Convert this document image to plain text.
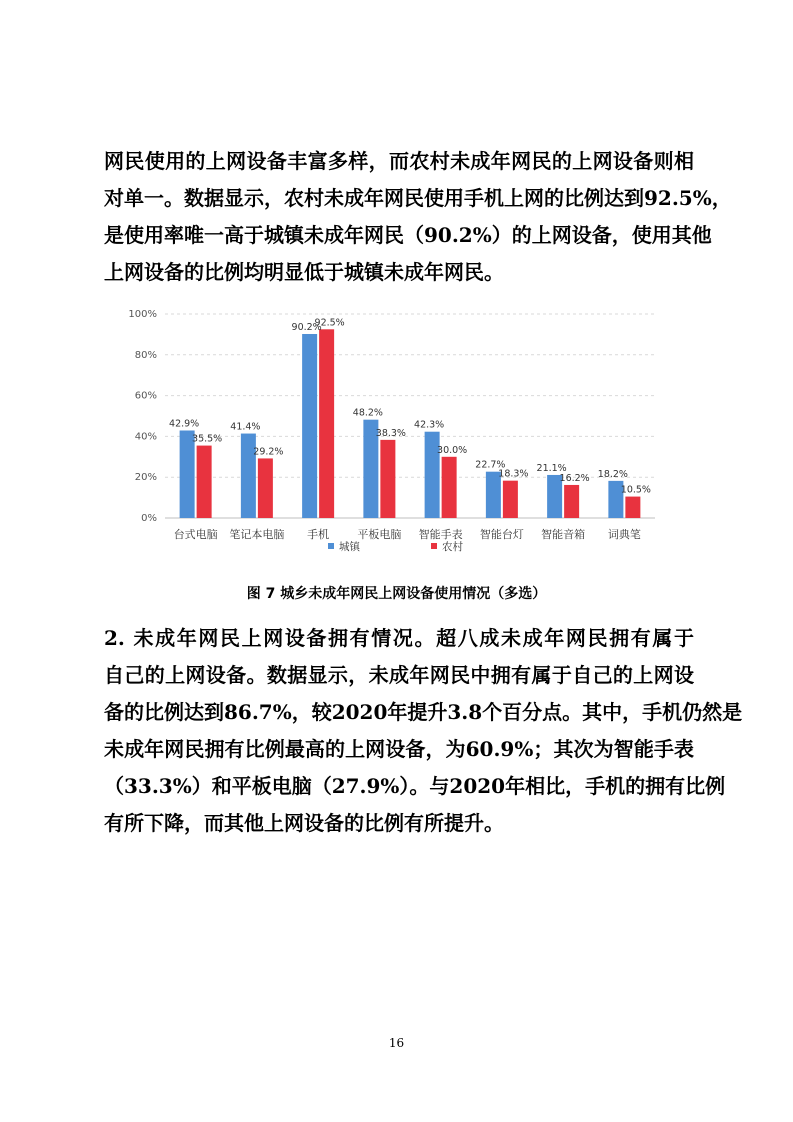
网民使用的上网设备丰富多样，而农村未成年网民的上网设备则相
对单一。数据显示，农村未成年网民使用手机上网的比例达到92.5%，
是使用率唯一高于城镇未成年网民（90.2%）的上网设备，使用其他
上网设备的比例均明显低于城镇未成年网民。
0%
20%
40%
60%
80%
100%
42.9%
35.5%
41.4%
29.2%
90.2%
92.5%
48.2%
38.3%
42.3%
30.0%
22.7%
18.3%
21.1%
16.2% 18.2%
10.5%
台式电脑 笔记本电脑 手机	平板电脑 智能手表 智能台灯 智能音箱 词典笔
城镇	农村
图 7 城乡未成年网民上网设备使用情况（多选）
2. 未成年网民上网设备拥有情况。超八成未成年网民拥有属于
自己的上网设备。数据显示，未成年网民中拥有属于自己的上网设
备的比例达到86.7%，较2020年提升3.8个百分点。其中，手机仍然是
未成年网民拥有比例最高的上网设备，为60.9%；其次为智能手表
（33.3%）和平板电脑（27.9%）。与2020年相比，手机的拥有比例
有所下降，而其他上网设备的比例有所提升。
16
